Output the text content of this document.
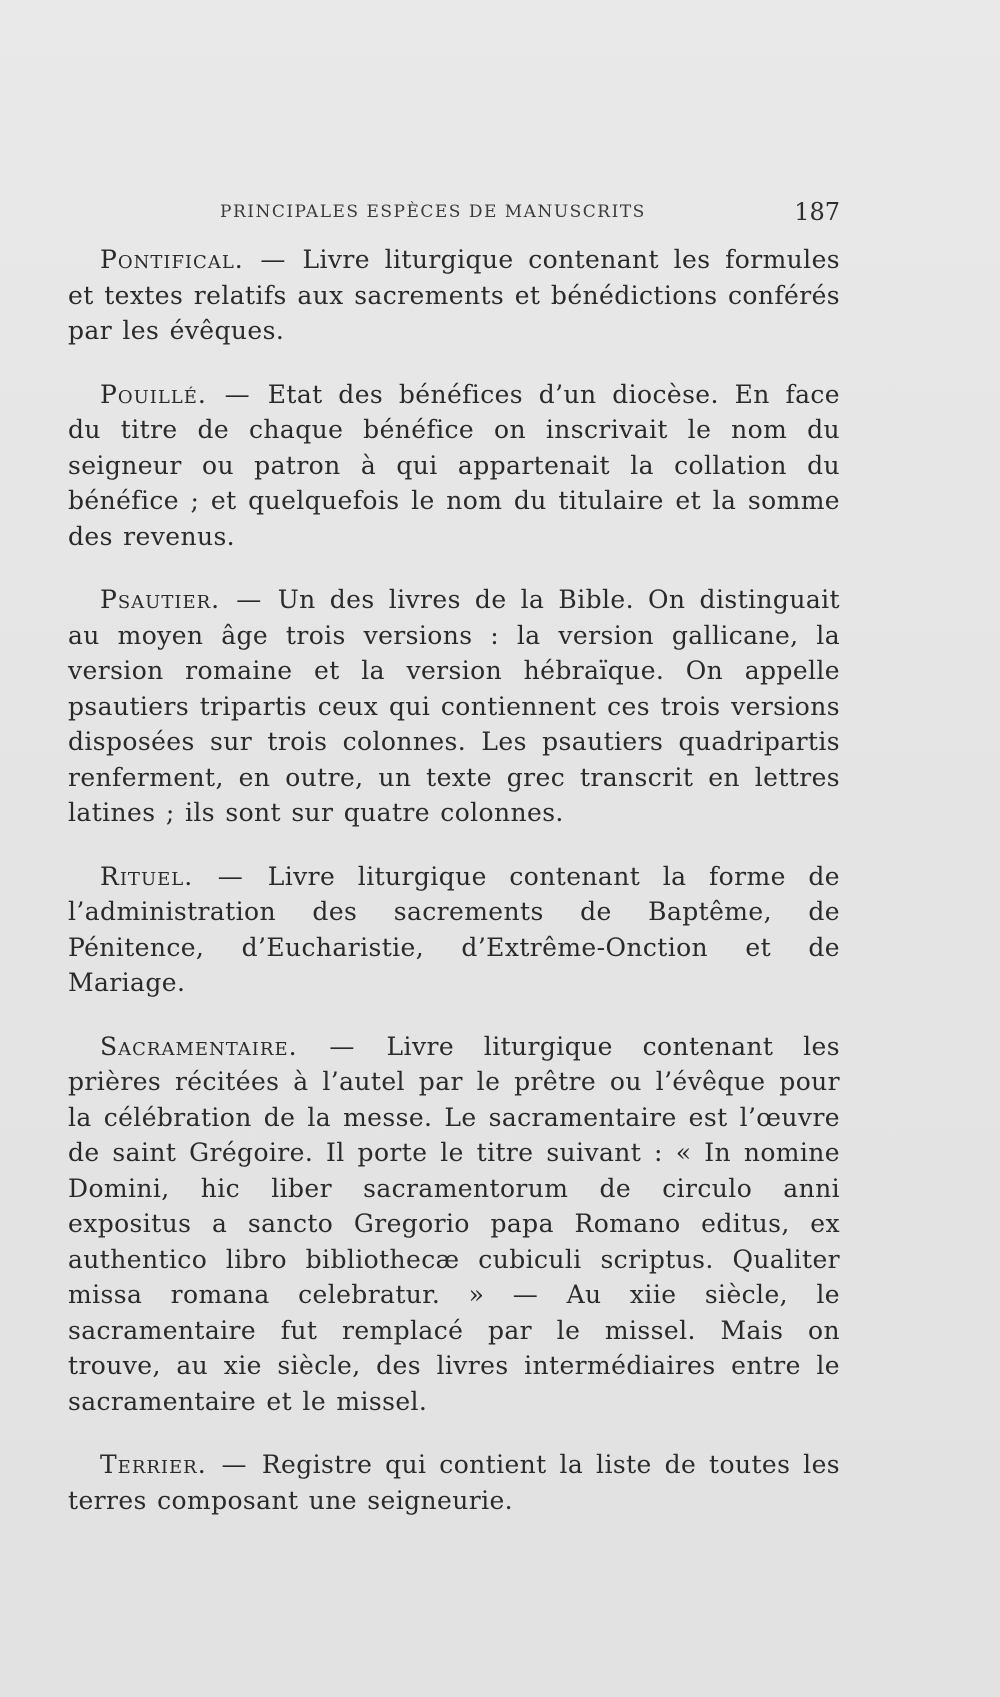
PRINCIPALES ESPÈCES DE MANUSCRITS	187

Pontifical. — Livre liturgique contenant les formules et textes relatifs aux sacrements et bénédictions conférés par les évêques.

Pouillé. — Etat des bénéfices d’un diocèse. En face du titre de chaque bénéfice on inscrivait le nom du seigneur ou patron à qui appartenait la collation du bénéfice ; et quelquefois le nom du titulaire et la somme des revenus.

Psautier. — Un des livres de la Bible. On distinguait au moyen âge trois versions : la version gallicane, la version romaine et la version hébraïque. On appelle psautiers tripartis ceux qui contiennent ces trois versions disposées sur trois colonnes. Les psautiers quadripartis renferment, en outre, un texte grec transcrit en lettres latines ; ils sont sur quatre colonnes.

Rituel. — Livre liturgique contenant la forme de l’administration des sacrements de Baptême, de Pénitence, d’Eucharistie, d’Extrême-Onction et de Mariage.

Sacramentaire. — Livre liturgique contenant les prières récitées à l’autel par le prêtre ou l’évêque pour la célébration de la messe. Le sacramentaire est l’œuvre de saint Grégoire. Il porte le titre suivant : « In nomine Domini, hic liber sacramentorum de circulo anni expositus a sancto Gregorio papa Romano editus, ex authentico libro bibliothecæ cubiculi scriptus. Qualiter missa romana celebratur. » — Au xiie siècle, le sacramentaire fut remplacé par le missel. Mais on trouve, au xie siècle, des livres intermédiaires entre le sacramentaire et le missel.

Terrier. — Registre qui contient la liste de toutes les terres composant une seigneurie.
